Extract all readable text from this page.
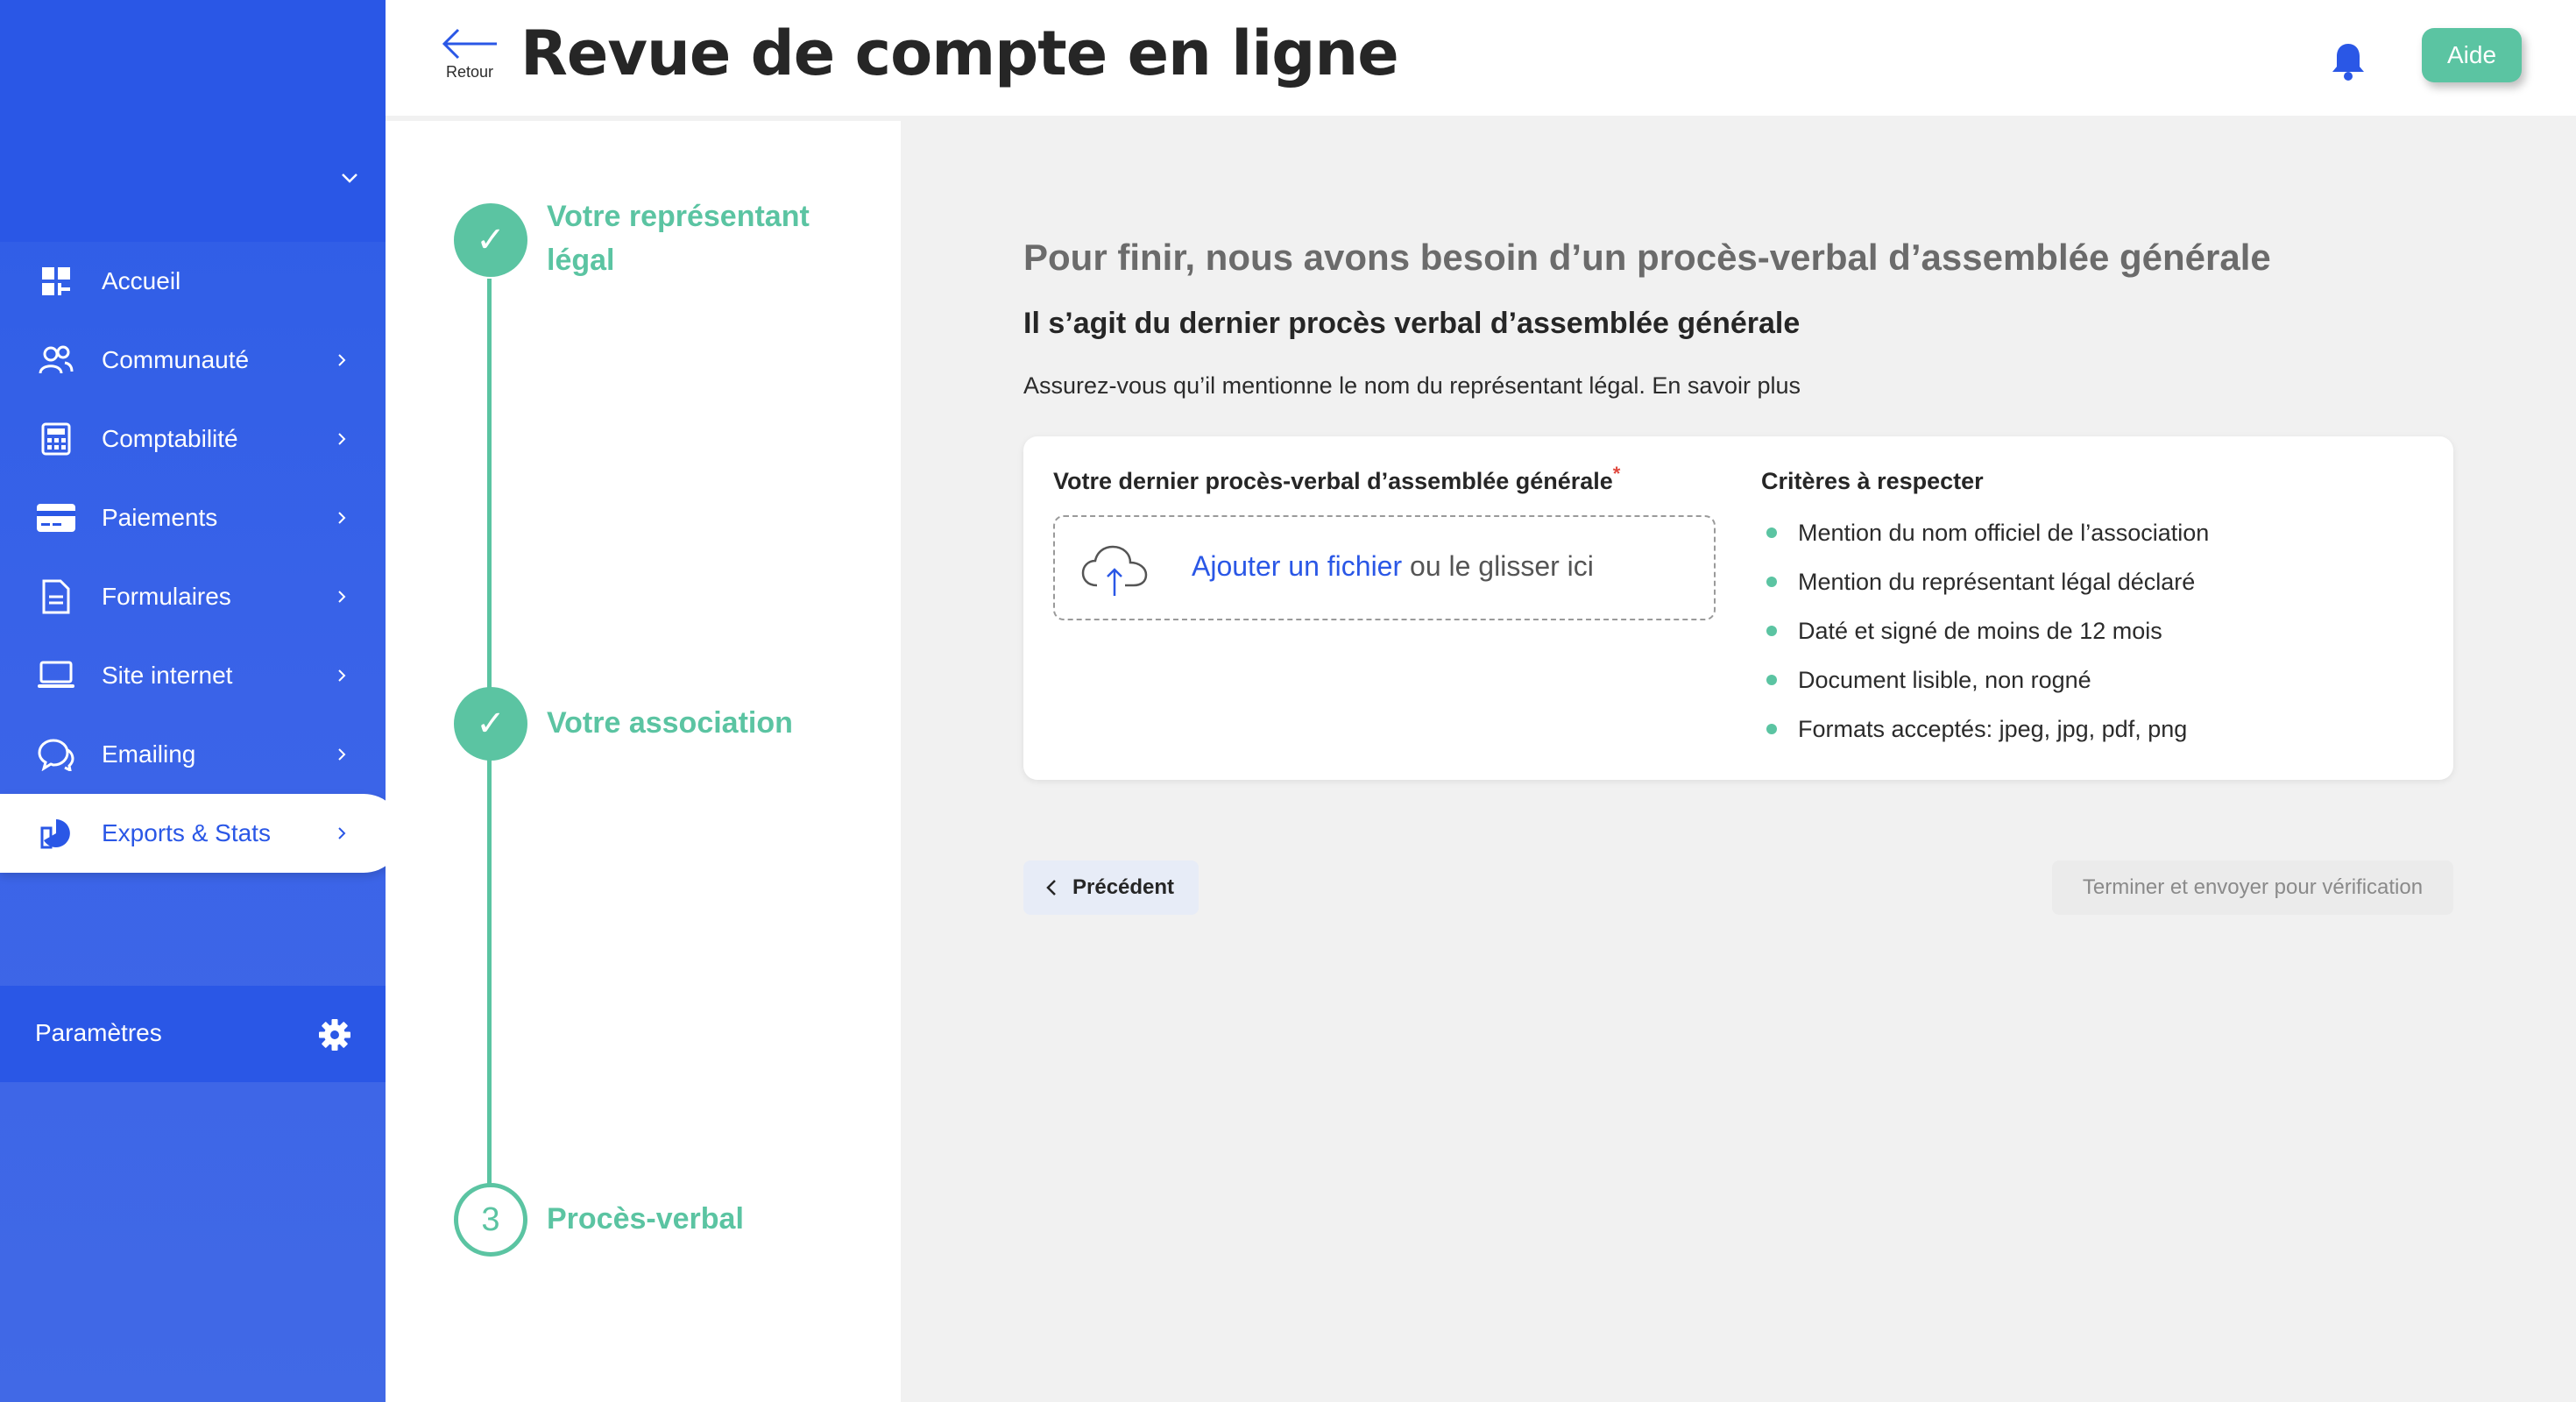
Accueil
Communauté
Comptabilité
Paiements
Formulaires
Site internet
Emailing
Exports & Stats
Paramètres
Retour Revue de compte en ligne	Aide
✓
Votre représentant légal
✓	Votre association
3	Procès-verbal
Pour finir, nous avons besoin d’un procès-verbal d’assemblée générale
Il s’agit du dernier procès verbal d’assemblée générale

Assurez-vous qu’il mentionne le nom du représentant légal. En savoir plus

Votre dernier procès-verbal d’assemblée générale*
Ajouter un fichier ou le glisser ici
Critères à respecter
Mention du nom officiel de l’association
Mention du représentant légal déclaré
Daté et signé de moins de 12 mois
Document lisible, non rogné
Formats acceptés: jpeg, jpg, pdf, png
Précédent	Terminer et envoyer pour vérification
